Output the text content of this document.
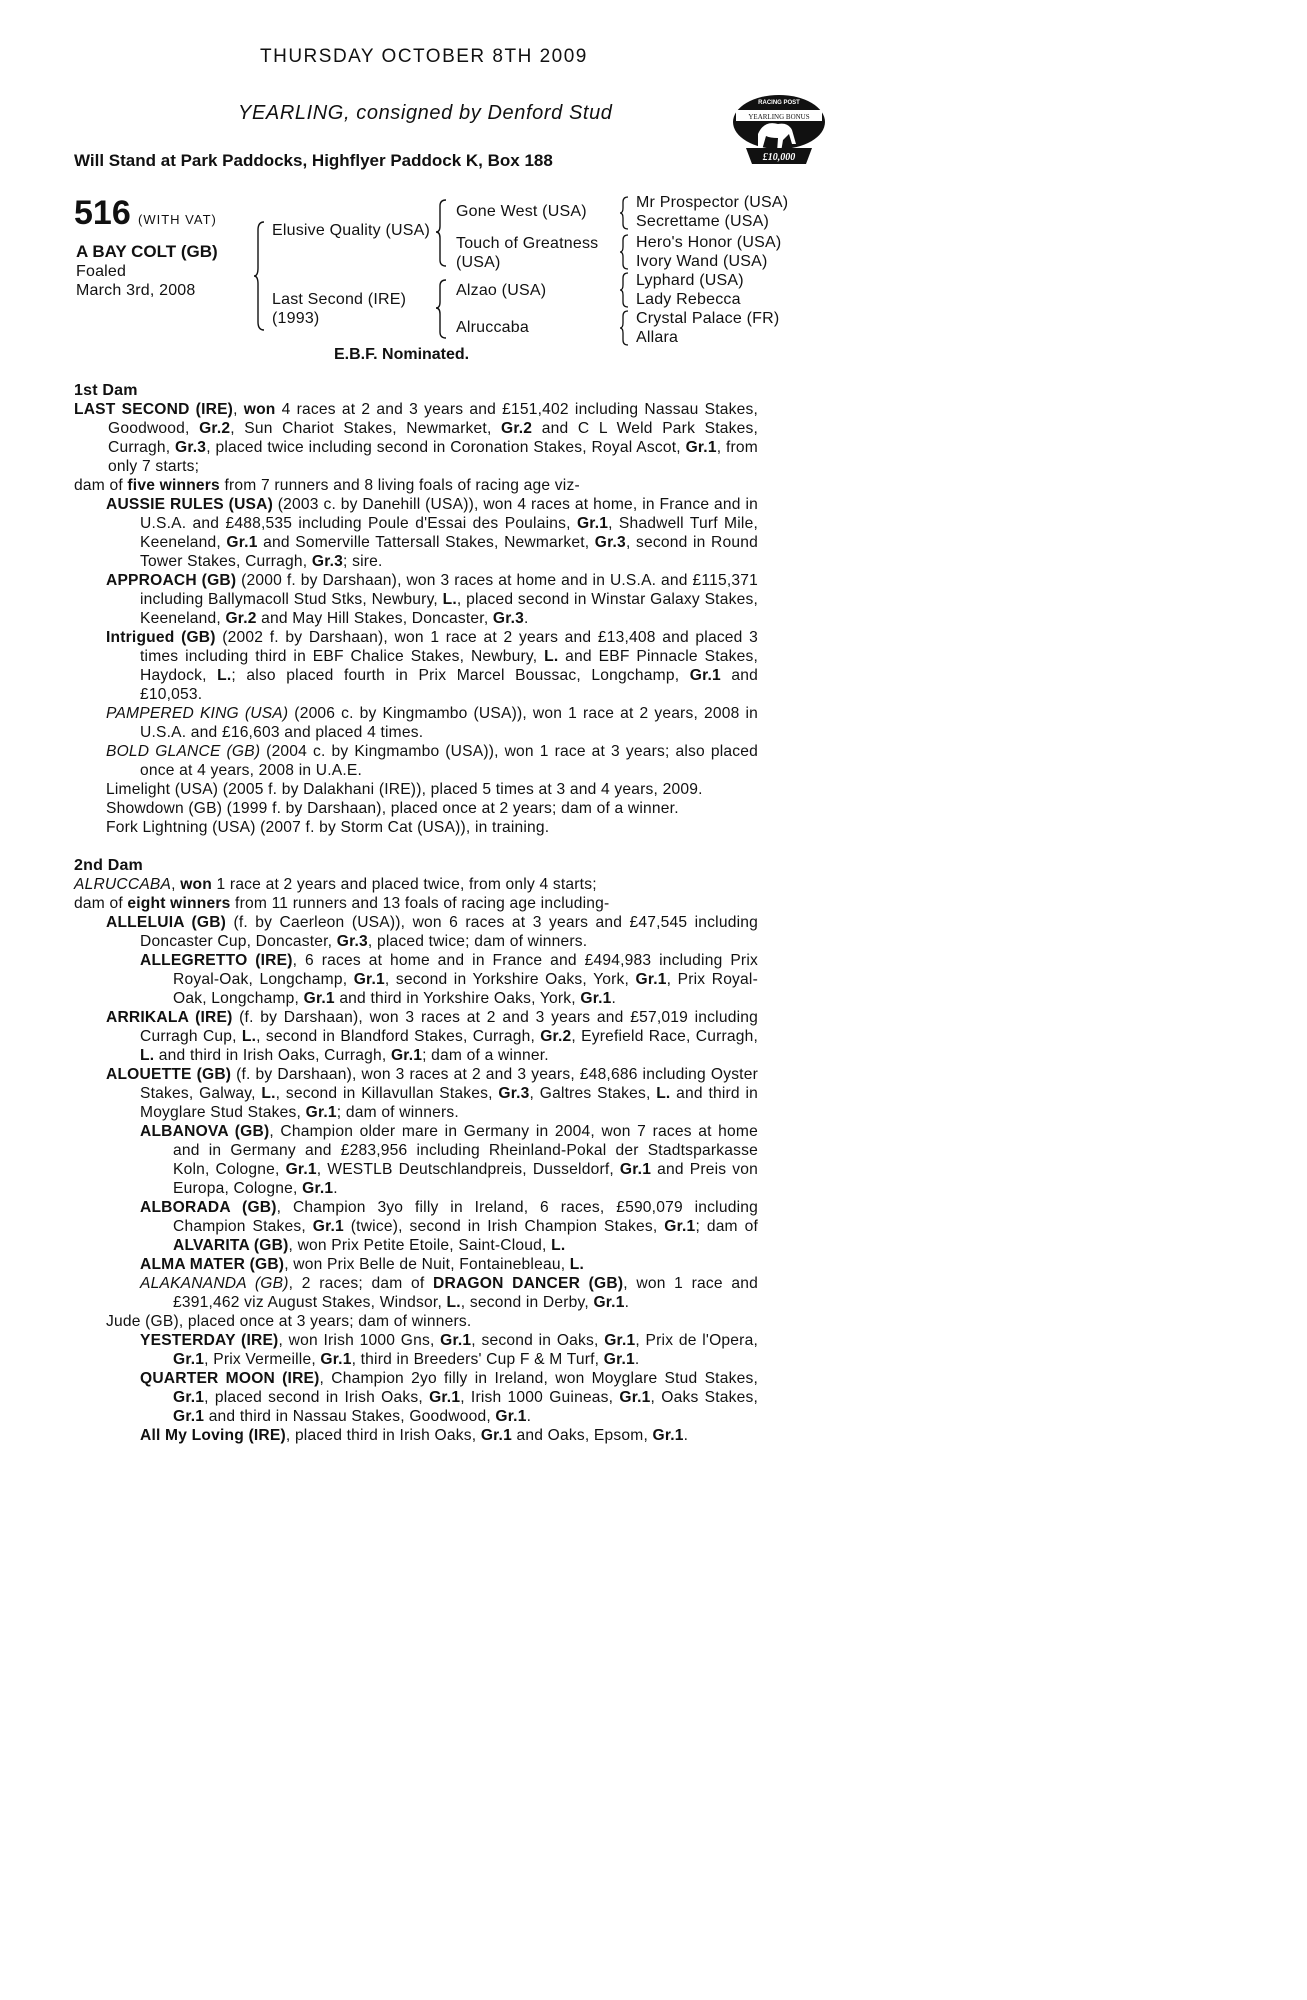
THURSDAY OCTOBER 8TH 2009
YEARLING, consigned by Denford Stud
Will Stand at Park Paddocks, Highflyer Paddock K, Box 188
RACING POST
YEARLING BONUS
£10,000
516 (WITH VAT)
A BAY COLT (GB)
Foaled
March 3rd, 2008
Elusive Quality (USA)
Last Second (IRE)
(1993)
Gone West (USA)
Touch of Greatness
(USA)
Alzao (USA)
Alruccaba
Mr Prospector (USA)
Secrettame (USA)
Hero's Honor (USA)
Ivory Wand (USA)
Lyphard (USA)
Lady Rebecca
Crystal Palace (FR)
Allara
E.B.F. Nominated.

1st Dam

LAST SECOND (IRE), won 4 races at 2 and 3 years and £151,402 including Nassau Stakes, Goodwood, Gr.2, Sun Chariot Stakes, Newmarket, Gr.2 and C L Weld Park Stakes, Curragh, Gr.3, placed twice including second in Coronation Stakes, Royal Ascot, Gr.1, from only 7 starts;

dam of five winners from 7 runners and 8 living foals of racing age viz-

AUSSIE RULES (USA) (2003 c. by Danehill (USA)), won 4 races at home, in France and in U.S.A. and £488,535 including Poule d'Essai des Poulains, Gr.1, Shadwell Turf Mile, Keeneland, Gr.1 and Somerville Tattersall Stakes, Newmarket, Gr.3, second in Round Tower Stakes, Curragh, Gr.3; sire.

APPROACH (GB) (2000 f. by Darshaan), won 3 races at home and in U.S.A. and £115,371 including Ballymacoll Stud Stks, Newbury, L., placed second in Winstar Galaxy Stakes, Keeneland, Gr.2 and May Hill Stakes, Doncaster, Gr.3.

Intrigued (GB) (2002 f. by Darshaan), won 1 race at 2 years and £13,408 and placed 3 times including third in EBF Chalice Stakes, Newbury, L. and EBF Pinnacle Stakes, Haydock, L.; also placed fourth in Prix Marcel Boussac, Longchamp, Gr.1 and £10,053.

PAMPERED KING (USA) (2006 c. by Kingmambo (USA)), won 1 race at 2 years, 2008 in U.S.A. and £16,603 and placed 4 times.

BOLD GLANCE (GB) (2004 c. by Kingmambo (USA)), won 1 race at 3 years; also placed once at 4 years, 2008 in U.A.E.

Limelight (USA) (2005 f. by Dalakhani (IRE)), placed 5 times at 3 and 4 years, 2009.

Showdown (GB) (1999 f. by Darshaan), placed once at 2 years; dam of a winner.

Fork Lightning (USA) (2007 f. by Storm Cat (USA)), in training.

2nd Dam

ALRUCCABA, won 1 race at 2 years and placed twice, from only 4 starts;

dam of eight winners from 11 runners and 13 foals of racing age including-

ALLELUIA (GB) (f. by Caerleon (USA)), won 6 races at 3 years and £47,545 including Doncaster Cup, Doncaster, Gr.3, placed twice; dam of winners.

ALLEGRETTO (IRE), 6 races at home and in France and £494,983 including Prix Royal-Oak, Longchamp, Gr.1, second in Yorkshire Oaks, York, Gr.1, Prix Royal-Oak, Longchamp, Gr.1 and third in Yorkshire Oaks, York, Gr.1.

ARRIKALA (IRE) (f. by Darshaan), won 3 races at 2 and 3 years and £57,019 including Curragh Cup, L., second in Blandford Stakes, Curragh, Gr.2, Eyrefield Race, Curragh, L. and third in Irish Oaks, Curragh, Gr.1; dam of a winner.

ALOUETTE (GB) (f. by Darshaan), won 3 races at 2 and 3 years, £48,686 including Oyster Stakes, Galway, L., second in Killavullan Stakes, Gr.3, Galtres Stakes, L. and third in Moyglare Stud Stakes, Gr.1; dam of winners.

ALBANOVA (GB), Champion older mare in Germany in 2004, won 7 races at home and in Germany and £283,956 including Rheinland-Pokal der Stadtsparkasse Koln, Cologne, Gr.1, WESTLB Deutschlandpreis, Dusseldorf, Gr.1 and Preis von Europa, Cologne, Gr.1.

ALBORADA (GB), Champion 3yo filly in Ireland, 6 races, £590,079 including Champion Stakes, Gr.1 (twice), second in Irish Champion Stakes, Gr.1; dam of ALVARITA (GB), won Prix Petite Etoile, Saint-Cloud, L.

ALMA MATER (GB), won Prix Belle de Nuit, Fontainebleau, L.

ALAKANANDA (GB), 2 races; dam of DRAGON DANCER (GB), won 1 race and £391,462 viz August Stakes, Windsor, L., second in Derby, Gr.1.

Jude (GB), placed once at 3 years; dam of winners.

YESTERDAY (IRE), won Irish 1000 Gns, Gr.1, second in Oaks, Gr.1, Prix de l'Opera, Gr.1, Prix Vermeille, Gr.1, third in Breeders' Cup F & M Turf, Gr.1.

QUARTER MOON (IRE), Champion 2yo filly in Ireland, won Moyglare Stud Stakes, Gr.1, placed second in Irish Oaks, Gr.1, Irish 1000 Guineas, Gr.1, Oaks Stakes, Gr.1 and third in Nassau Stakes, Goodwood, Gr.1.

All My Loving (IRE), placed third in Irish Oaks, Gr.1 and Oaks, Epsom, Gr.1.
